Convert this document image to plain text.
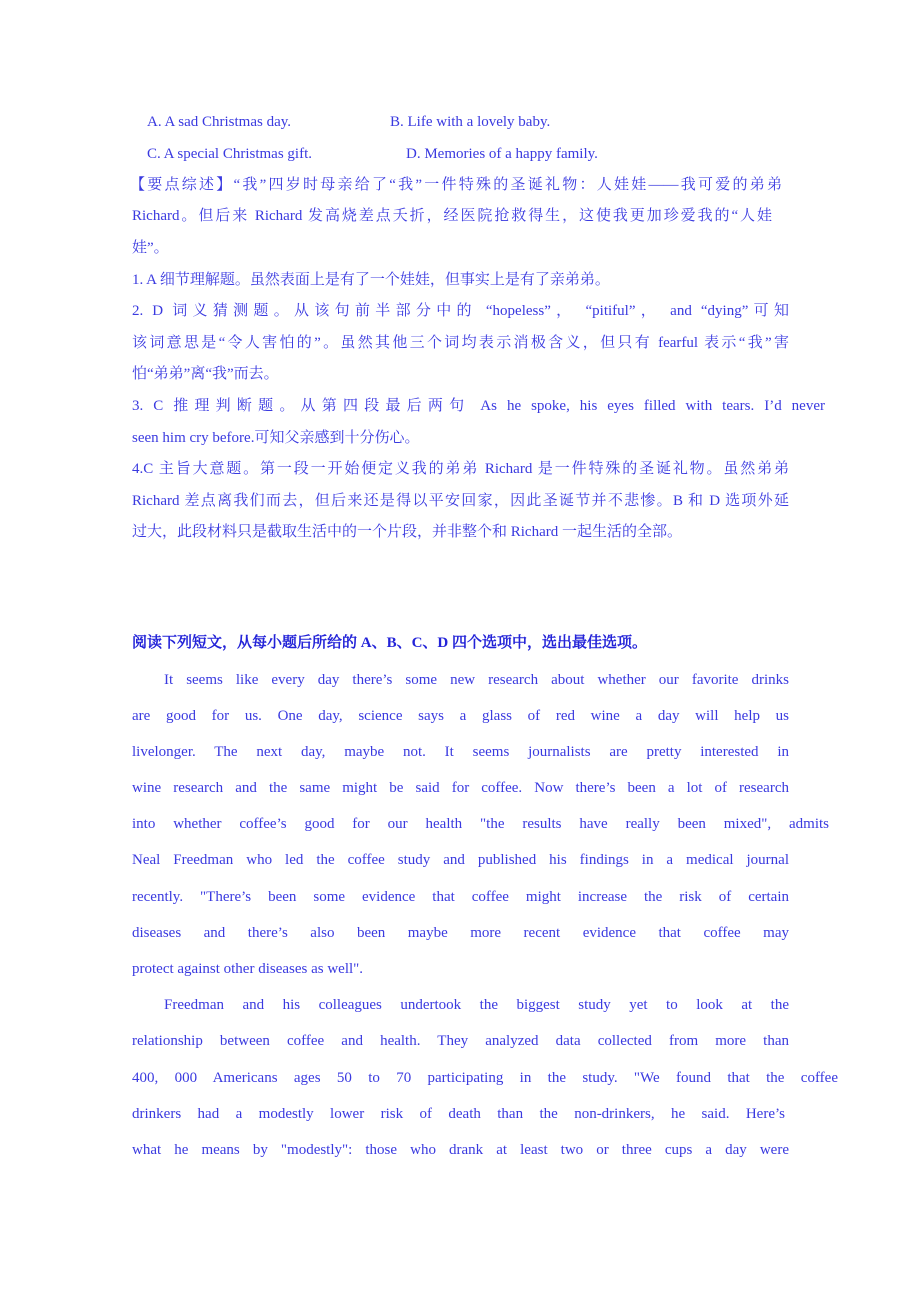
A. A sad Christmas day.	B. Life with a lovely baby.
C. A special Christmas gift.	D. Memories of a happy family.
【要点综述】“我”四岁时母亲给了“我”一件特殊的圣诞礼物：人娃娃——我可爱的弟弟
Richard。但后来 Richard 发高烧差点夭折，经医院抢救得生，这使我更加珍爱我的“人娃
娃”。
1. A 细节理解题。虽然表面上是有了一个娃娃，但事实上是有了亲弟弟。
2. D 词义猜测题。从该句前半部分中的 “hopeless”， “pitiful”， and “dying”可知
该词意思是“令人害怕的”。虽然其他三个词均表示消极含义，但只有 fearful 表示“我”害
怕“弟弟”离“我”而去。
3. C 推理判断题。从第四段最后两句 As he spoke, his eyes filled with tears. I’d never
seen him cry before.可知父亲感到十分伤心。
4.C 主旨大意题。第一段一开始便定义我的弟弟 Richard 是一件特殊的圣诞礼物。虽然弟弟
Richard 差点离我们而去，但后来还是得以平安回家，因此圣诞节并不悲惨。B 和 D 选项外延
过大，此段材料只是截取生活中的一个片段，并非整个和 Richard 一起生活的全部。
阅读下列短文，从每小题后所给的 A、B、C、D 四个选项中，选出最佳选项。
It seems like every day there’s some new research about whether our favorite drinks
are good for us. One day, science says a glass of red wine a day will help us
livelonger. The next day, maybe not. It seems journalists are pretty interested in
wine research and the same might be said for coffee. Now there’s been a lot of research
into whether coffee’s good for our health "the results have really been mixed", admits
Neal Freedman who led the coffee study and published his findings in a medical journal
recently. "There’s been some evidence that coffee might increase the risk of certain
diseases and there’s also been maybe more recent evidence that coffee may
protect against other diseases as well".
Freedman and his colleagues undertook the biggest study yet to look at the
relationship between coffee and health. They analyzed data collected from more than
400, 000 Americans ages 50 to 70 participating in the study. "We found that the coffee
drinkers had a modestly lower risk of death than the non-drinkers, he said. Here’s
what he means by "modestly": those who drank at least two or three cups a day were
